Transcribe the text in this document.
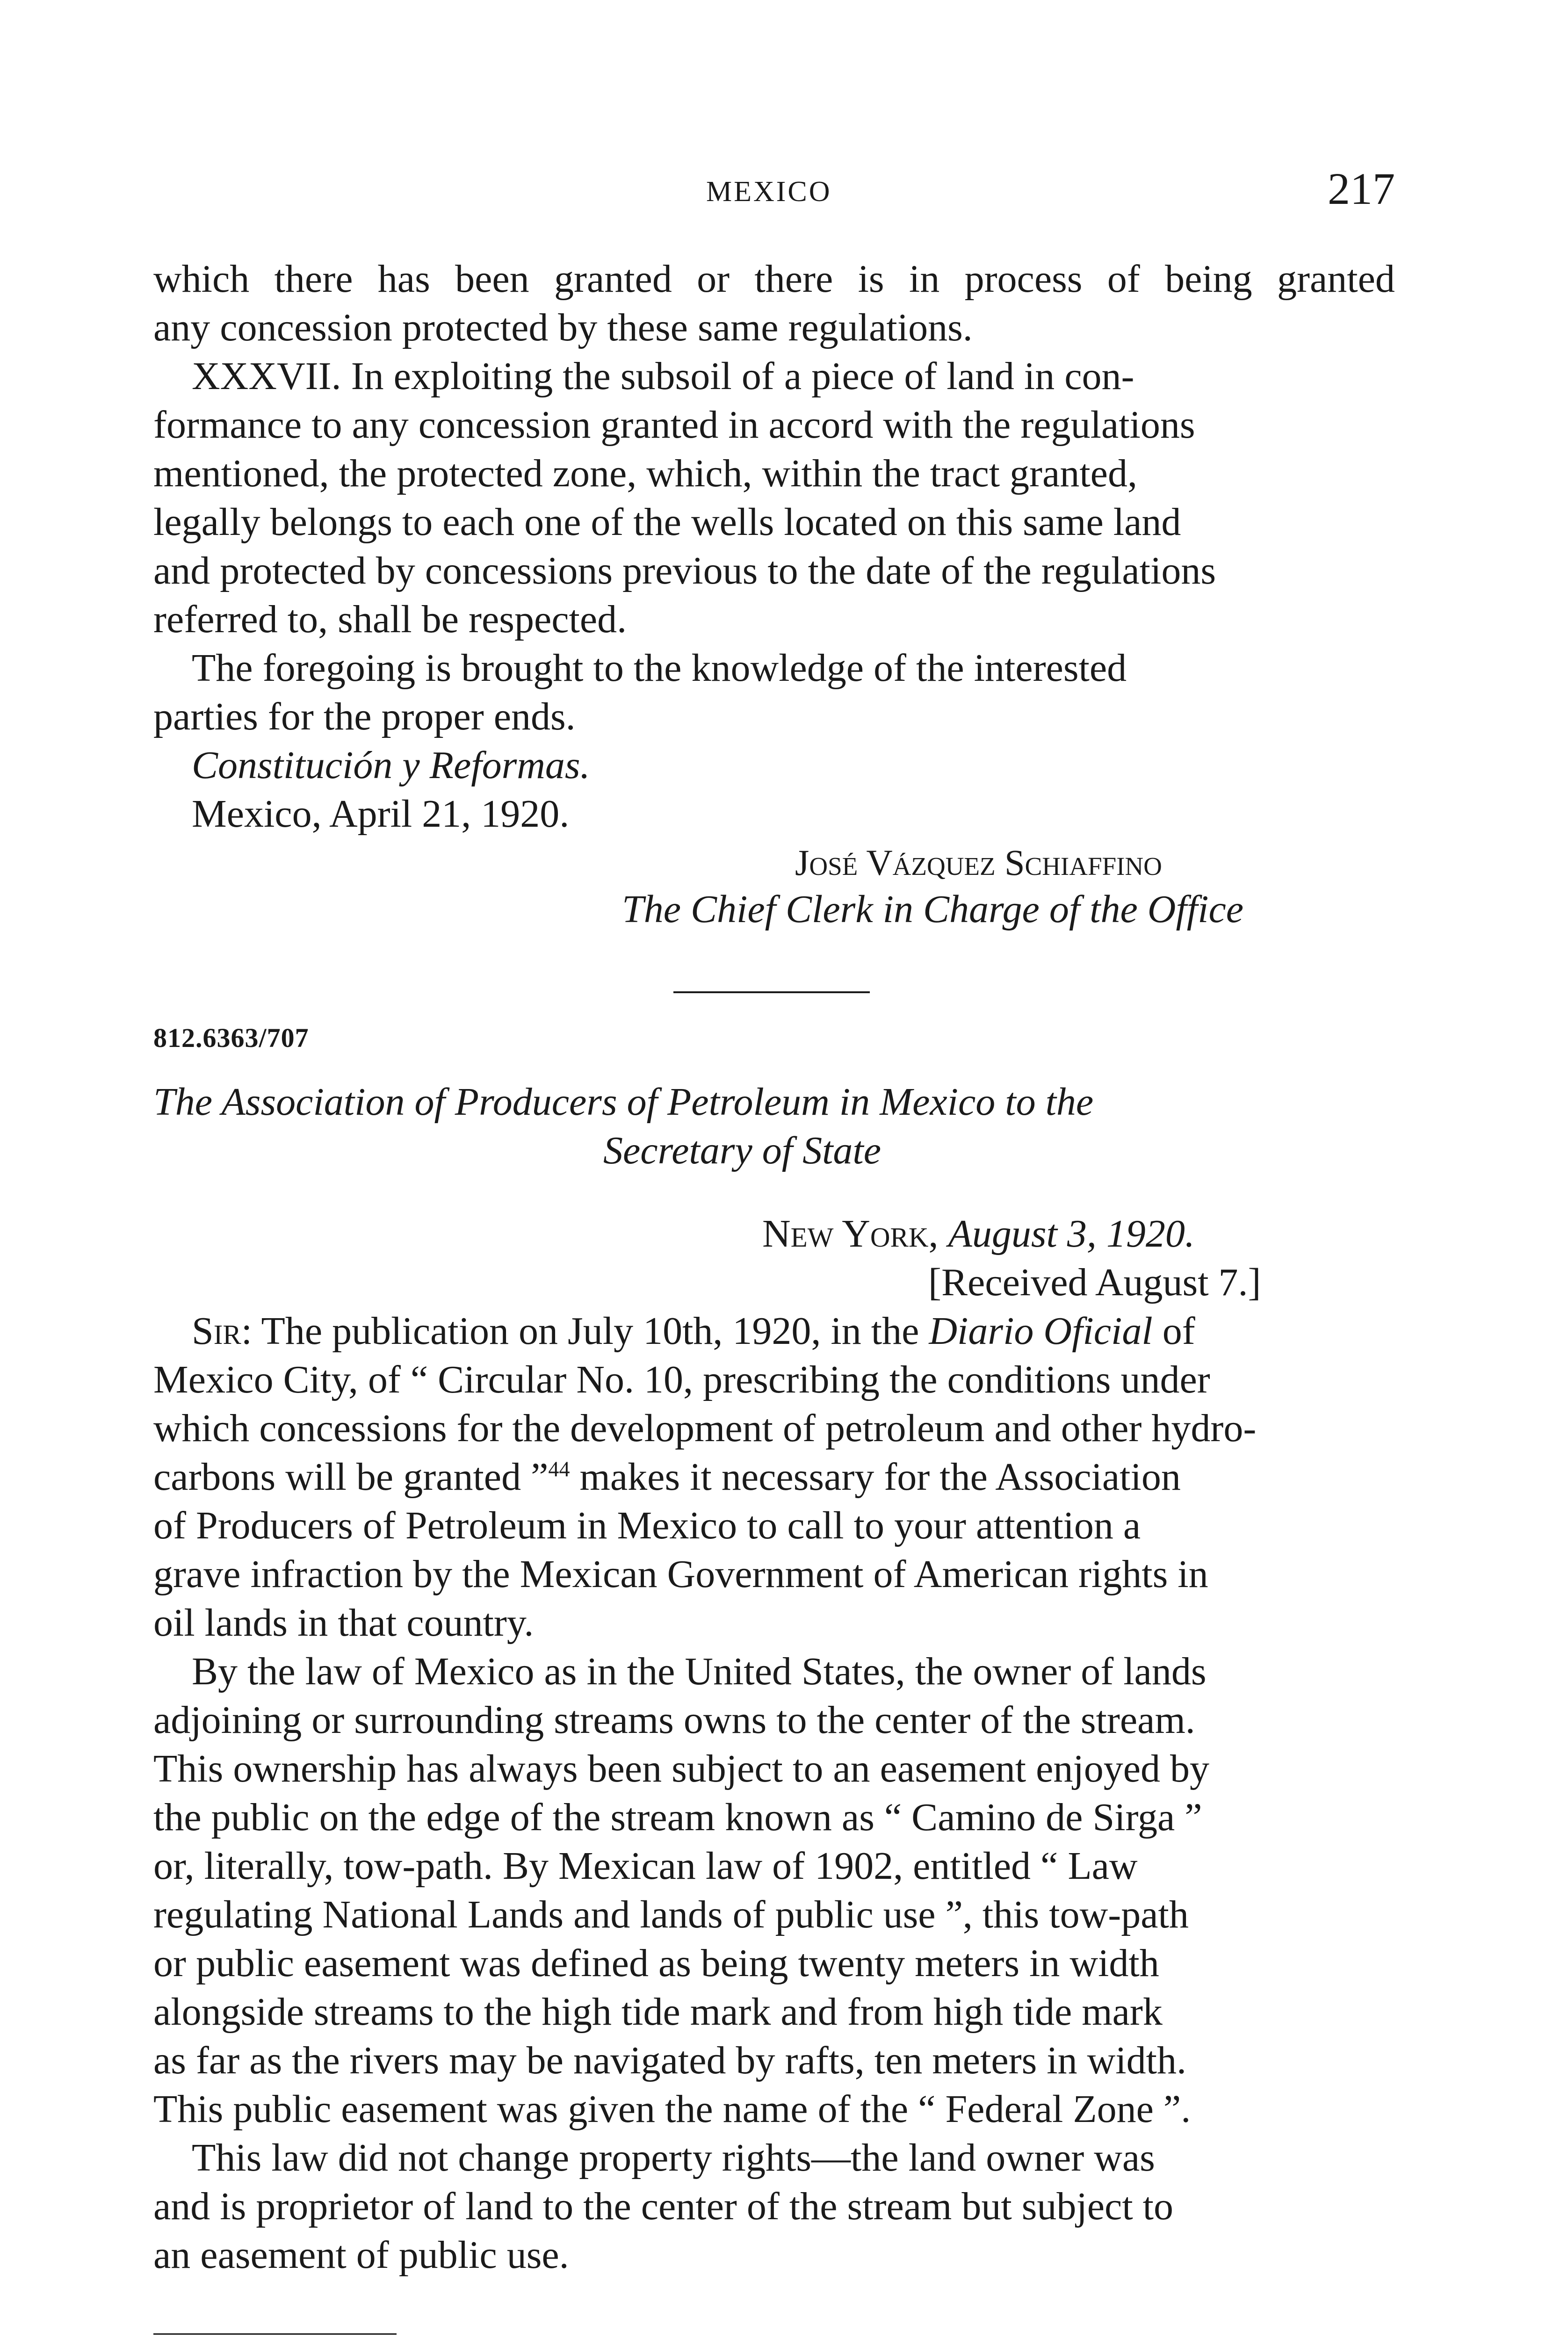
MEXICO	217
which there has been granted or there is in process of being granted
any concession protected by these same regulations.
XXXVII. In exploiting the subsoil of a piece of land in con-
formance to any concession granted in accord with the regulations
mentioned, the protected zone, which, within the tract granted,
legally belongs to each one of the wells located on this same land
and protected by concessions previous to the date of the regulations
referred to, shall be respected.
The foregoing is brought to the knowledge of the interested
parties for the proper ends.
Constitución y Reformas.
Mexico, April 21, 1920.
José Vázquez Schiaffino
The Chief Clerk in Charge of the Office
812.6363/707
The Association of Producers of Petroleum in Mexico to the
Secretary of State
New York, August 3, 1920.
[Received August 7.]
Sir: The publication on July 10th, 1920, in the Diario Oficial of
Mexico City, of “ Circular No. 10, prescribing the conditions under
which concessions for the development of petroleum and other hydro-
carbons will be granted ”$^{44}$ makes it necessary for the Association
of Producers of Petroleum in Mexico to call to your attention a
grave infraction by the Mexican Government of American rights in
oil lands in that country.
By the law of Mexico as in the United States, the owner of lands
adjoining or surrounding streams owns to the center of the stream.
This ownership has always been subject to an easement enjoyed by
the public on the edge of the stream known as “ Camino de Sirga ”
or, literally, tow-path. By Mexican law of 1902, entitled “ Law
regulating National Lands and lands of public use ”, this tow-path
or public easement was defined as being twenty meters in width
alongside streams to the high tide mark and from high tide mark
as far as the rivers may be navigated by rafts, ten meters in width.
This public easement was given the name of the “ Federal Zone ”.
This law did not change property rights—the land owner was
and is proprietor of land to the center of the stream but subject to
an easement of public use.
